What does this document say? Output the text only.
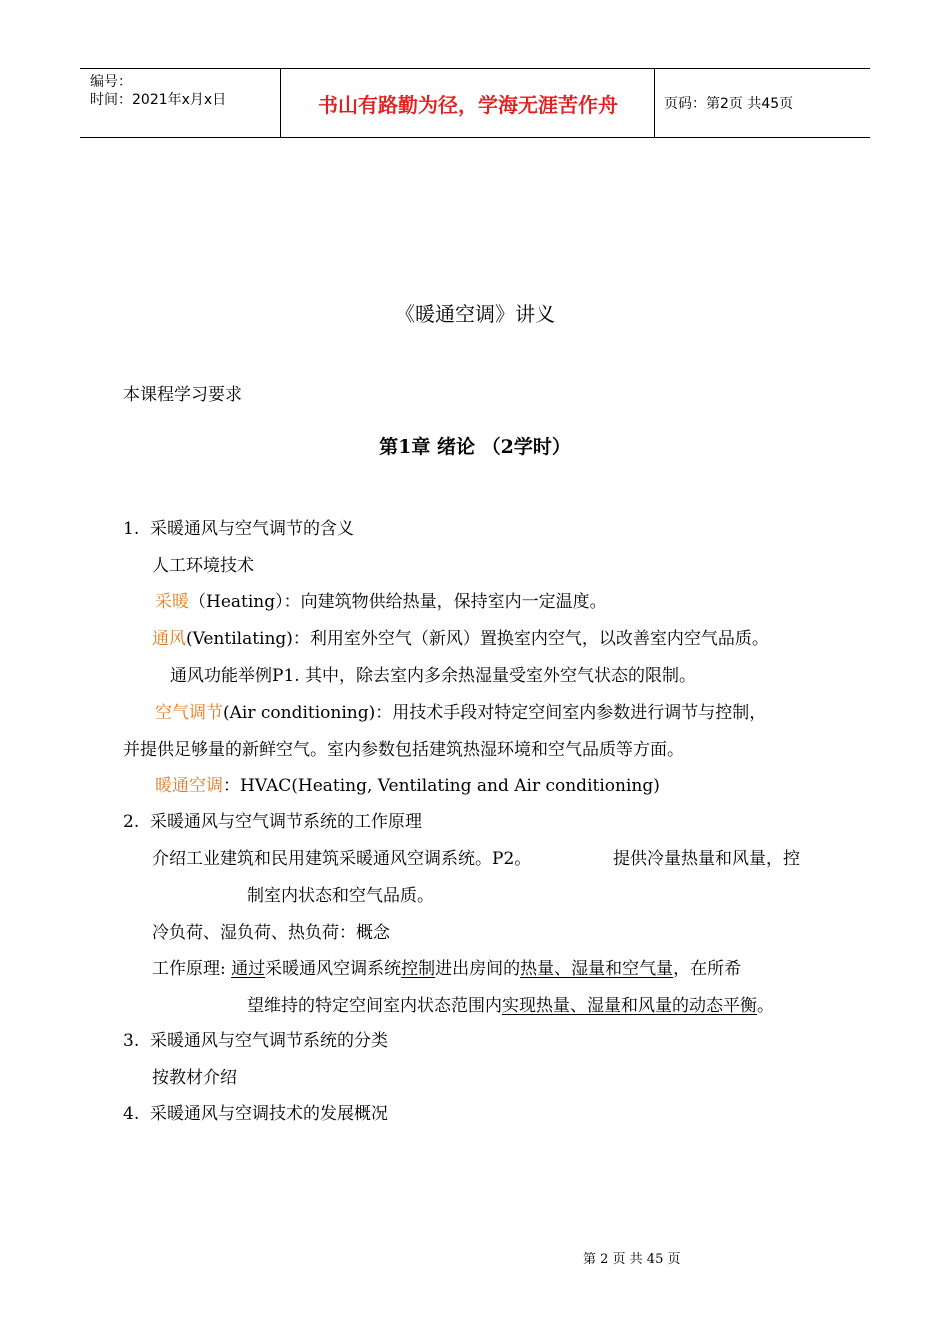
编号：
时间：2021年x月x日	书山有路勤为径，学海无涯苦作舟	页码：第2页 共45页
《暖通空调》讲义
本课程学习要求
第1章 绪论 （2学时）
1. 采暖通风与空气调节的含义
人工环境技术
采暖（Heating）：向建筑物供给热量，保持室内一定温度。
通风(Ventilating)：利用室外空气（新风）置换室内空气，以改善室内空气品质。
通风功能举例P1. 其中，除去室内多余热湿量受室外空气状态的限制。
空气调节(Air conditioning)：用技术手段对特定空间室内参数进行调节与控制，
并提供足够量的新鲜空气。室内参数包括建筑热湿环境和空气品质等方面。
暖通空调：HVAC(Heating, Ventilating and Air conditioning)
2. 采暖通风与空气调节系统的工作原理
介绍工业建筑和民用建筑采暖通风空调系统。P2。	提供冷量热量和风量，控
制室内状态和空气品质。
冷负荷、湿负荷、热负荷：概念
工作原理: 通过采暖通风空调系统控制进出房间的热量、湿量和空气量，在所希
望维持的特定空间室内状态范围内实现热量、湿量和风量的动态平衡。
3. 采暖通风与空气调节系统的分类
按教材介绍
4. 采暖通风与空调技术的发展概况
第 2 页 共 45 页
